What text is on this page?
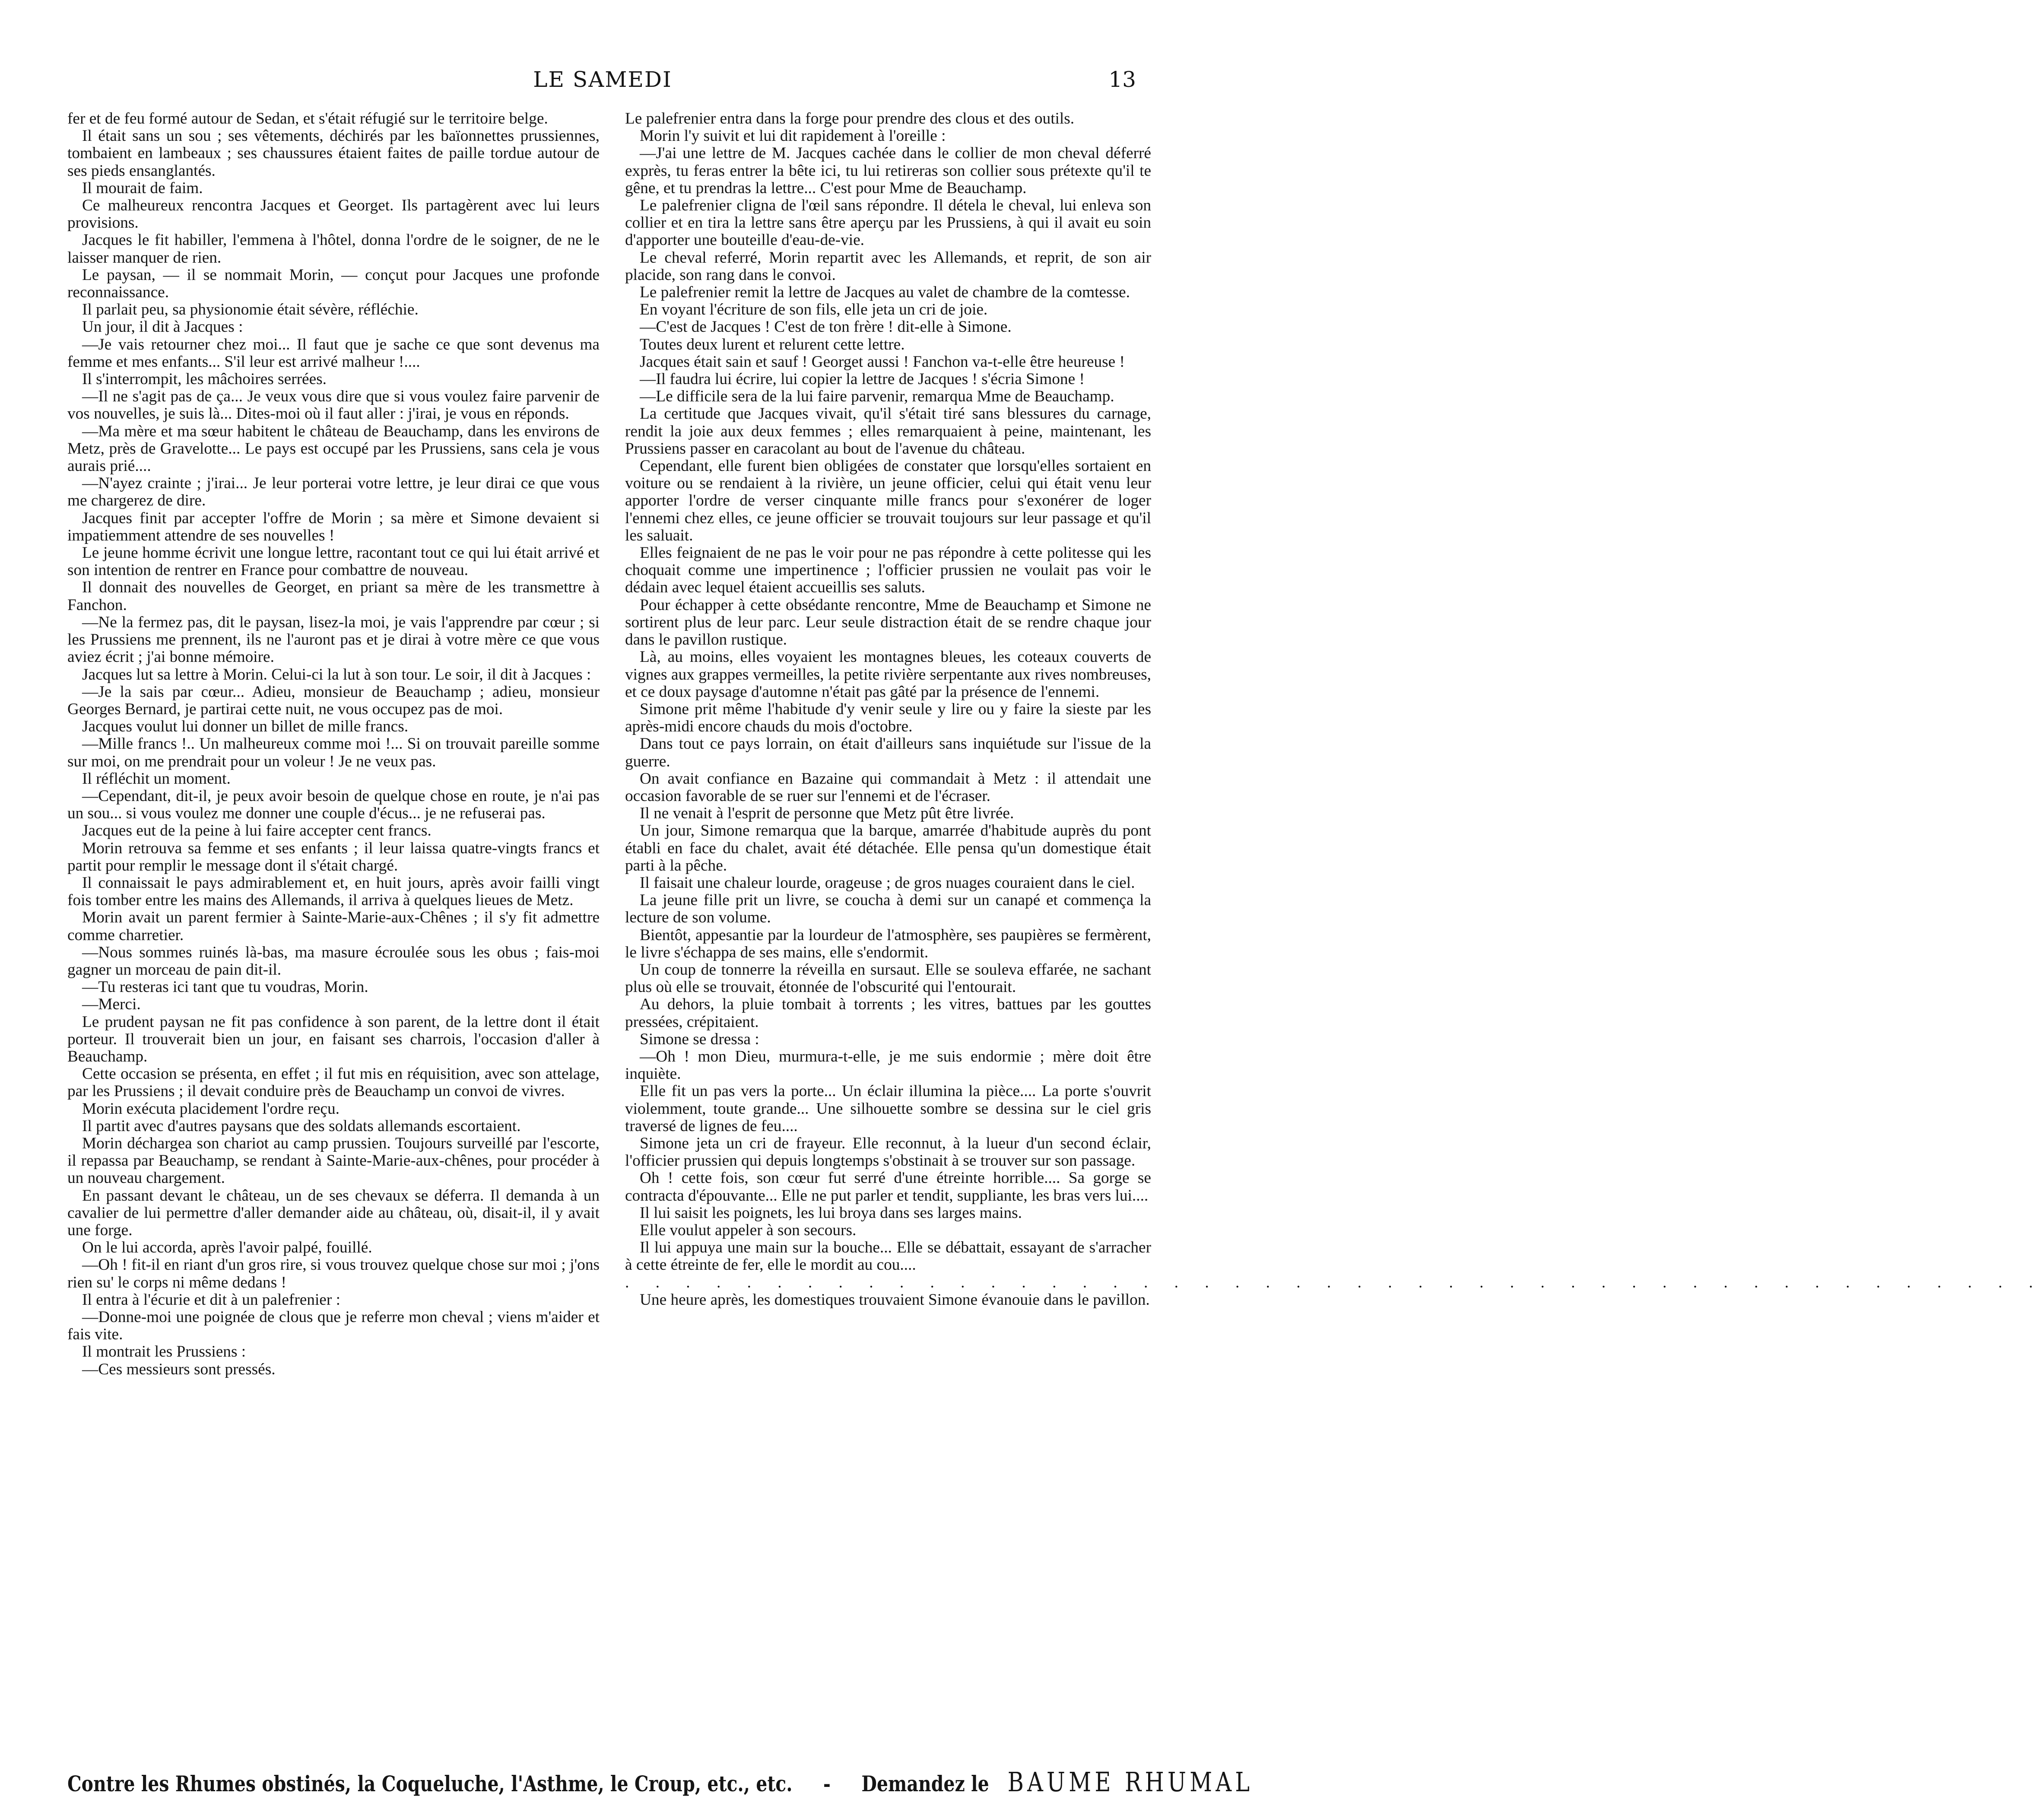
LE SAMEDI	13

fer et de feu formé autour de Sedan, et s'était réfugié sur le territoire belge.

Il était sans un sou ; ses vêtements, déchirés par les baïonnettes prussiennes, tombaient en lambeaux ; ses chaussures étaient faites de paille tordue autour de ses pieds ensanglantés.

Il mourait de faim.

Ce malheureux rencontra Jacques et Georget. Ils partagèrent avec lui leurs provisions.

Jacques le fit habiller, l'emmena à l'hôtel, donna l'ordre de le soigner, de ne le laisser manquer de rien.

Le paysan, — il se nommait Morin, — conçut pour Jacques une profonde reconnaissance.

Il parlait peu, sa physionomie était sévère, réfléchie.

Un jour, il dit à Jacques :

—Je vais retourner chez moi... Il faut que je sache ce que sont devenus ma femme et mes enfants... S'il leur est arrivé malheur !....

Il s'interrompit, les mâchoires serrées.

—Il ne s'agit pas de ça... Je veux vous dire que si vous voulez faire parvenir de vos nouvelles, je suis là... Dites-moi où il faut aller : j'irai, je vous en réponds.

—Ma mère et ma sœur habitent le château de Beauchamp, dans les environs de Metz, près de Gravelotte... Le pays est occupé par les Prussiens, sans cela je vous aurais prié....

—N'ayez crainte ; j'irai... Je leur porterai votre lettre, je leur dirai ce que vous me chargerez de dire.

Jacques finit par accepter l'offre de Morin ; sa mère et Simone devaient si impatiemment attendre de ses nouvelles !

Le jeune homme écrivit une longue lettre, racontant tout ce qui lui était arrivé et son intention de rentrer en France pour combattre de nouveau.

Il donnait des nouvelles de Georget, en priant sa mère de les transmettre à Fanchon.

—Ne la fermez pas, dit le paysan, lisez-la moi, je vais l'apprendre par cœur ; si les Prussiens me prennent, ils ne l'auront pas et je dirai à votre mère ce que vous aviez écrit ; j'ai bonne mémoire.

Jacques lut sa lettre à Morin. Celui-ci la lut à son tour. Le soir, il dit à Jacques :

—Je la sais par cœur... Adieu, monsieur de Beauchamp ; adieu, monsieur Georges Bernard, je partirai cette nuit, ne vous occupez pas de moi.

Jacques voulut lui donner un billet de mille francs.

—Mille francs !.. Un malheureux comme moi !... Si on trouvait pareille somme sur moi, on me prendrait pour un voleur ! Je ne veux pas.

Il réfléchit un moment.

—Cependant, dit-il, je peux avoir besoin de quelque chose en route, je n'ai pas un sou... si vous voulez me donner une couple d'écus... je ne refuserai pas.

Jacques eut de la peine à lui faire accepter cent francs.

Morin retrouva sa femme et ses enfants ; il leur laissa quatre-vingts francs et partit pour remplir le message dont il s'était chargé.

Il connaissait le pays admirablement et, en huit jours, après avoir failli vingt fois tomber entre les mains des Allemands, il arriva à quelques lieues de Metz.

Morin avait un parent fermier à Sainte-Marie-aux-Chênes ; il s'y fit admettre comme charretier.

—Nous sommes ruinés là-bas, ma masure écroulée sous les obus ; fais-moi gagner un morceau de pain dit-il.

—Tu resteras ici tant que tu voudras, Morin.

—Merci.

Le prudent paysan ne fit pas confidence à son parent, de la lettre dont il était porteur. Il trouverait bien un jour, en faisant ses charrois, l'occasion d'aller à Beauchamp.

Cette occasion se présenta, en effet ; il fut mis en réquisition, avec son attelage, par les Prussiens ; il devait conduire près de Beauchamp un convoi de vivres.

Morin exécuta placidement l'ordre reçu.

Il partit avec d'autres paysans que des soldats allemands escortaient.

Morin déchargea son chariot au camp prussien. Toujours surveillé par l'escorte, il repassa par Beauchamp, se rendant à Sainte-Marie-aux-chênes, pour procéder à un nouveau chargement.

En passant devant le château, un de ses chevaux se déferra. Il demanda à un cavalier de lui permettre d'aller demander aide au château, où, disait-il, il y avait une forge.

On le lui accorda, après l'avoir palpé, fouillé.

—Oh ! fit-il en riant d'un gros rire, si vous trouvez quelque chose sur moi ; j'ons rien su' le corps ni même dedans !

Il entra à l'écurie et dit à un palefrenier :

—Donne-moi une poignée de clous que je referre mon cheval ; viens m'aider et fais vite.

Il montrait les Prussiens :

—Ces messieurs sont pressés.

Le palefrenier entra dans la forge pour prendre des clous et des outils.

Morin l'y suivit et lui dit rapidement à l'oreille :

—J'ai une lettre de M. Jacques cachée dans le collier de mon cheval déferré exprès, tu feras entrer la bête ici, tu lui retireras son collier sous prétexte qu'il te gêne, et tu prendras la lettre... C'est pour Mme de Beauchamp.

Le palefrenier cligna de l'œil sans répondre. Il détela le cheval, lui enleva son collier et en tira la lettre sans être aperçu par les Prussiens, à qui il avait eu soin d'apporter une bouteille d'eau-de-vie.

Le cheval referré, Morin repartit avec les Allemands, et reprit, de son air placide, son rang dans le convoi.

Le palefrenier remit la lettre de Jacques au valet de chambre de la comtesse.

En voyant l'écriture de son fils, elle jeta un cri de joie.

—C'est de Jacques ! C'est de ton frère ! dit-elle à Simone.

Toutes deux lurent et relurent cette lettre.

Jacques était sain et sauf ! Georget aussi ! Fanchon va-t-elle être heureuse !

—Il faudra lui écrire, lui copier la lettre de Jacques ! s'écria Simone !

—Le difficile sera de la lui faire parvenir, remarqua Mme de Beauchamp.

La certitude que Jacques vivait, qu'il s'était tiré sans blessures du carnage, rendit la joie aux deux femmes ; elles remarquaient à peine, maintenant, les Prussiens passer en caracolant au bout de l'avenue du château.

Cependant, elle furent bien obligées de constater que lorsqu'elles sortaient en voiture ou se rendaient à la rivière, un jeune officier, celui qui était venu leur apporter l'ordre de verser cinquante mille francs pour s'exonérer de loger l'ennemi chez elles, ce jeune officier se trouvait toujours sur leur passage et qu'il les saluait.

Elles feignaient de ne pas le voir pour ne pas répondre à cette politesse qui les choquait comme une impertinence ; l'officier prussien ne voulait pas voir le dédain avec lequel étaient accueillis ses saluts.

Pour échapper à cette obsédante rencontre, Mme de Beauchamp et Simone ne sortirent plus de leur parc. Leur seule distraction était de se rendre chaque jour dans le pavillon rustique.

Là, au moins, elles voyaient les montagnes bleues, les coteaux couverts de vignes aux grappes vermeilles, la petite rivière serpentante aux rives nombreuses, et ce doux paysage d'automne n'était pas gâté par la présence de l'ennemi.

Simone prit même l'habitude d'y venir seule y lire ou y faire la sieste par les après-midi encore chauds du mois d'octobre.

Dans tout ce pays lorrain, on était d'ailleurs sans inquiétude sur l'issue de la guerre.

On avait confiance en Bazaine qui commandait à Metz : il attendait une occasion favorable de se ruer sur l'ennemi et de l'écraser.

Il ne venait à l'esprit de personne que Metz pût être livrée.

Un jour, Simone remarqua que la barque, amarrée d'habitude auprès du pont établi en face du chalet, avait été détachée. Elle pensa qu'un domestique était parti à la pêche.

Il faisait une chaleur lourde, orageuse ; de gros nuages couraient dans le ciel.

La jeune fille prit un livre, se coucha à demi sur un canapé et commença la lecture de son volume.

Bientôt, appesantie par la lourdeur de l'atmosphère, ses paupières se fermèrent, le livre s'échappa de ses mains, elle s'endormit.

Un coup de tonnerre la réveilla en sursaut. Elle se souleva effarée, ne sachant plus où elle se trouvait, étonnée de l'obscurité qui l'entourait.

Au dehors, la pluie tombait à torrents ; les vitres, battues par les gouttes pressées, crépitaient.

Simone se dressa :

—Oh ! mon Dieu, murmura-t-elle, je me suis endormie ; mère doit être inquiète.

Elle fit un pas vers la porte... Un éclair illumina la pièce.... La porte s'ouvrit violemment, toute grande... Une silhouette sombre se dessina sur le ciel gris traversé de lignes de feu....

Simone jeta un cri de frayeur. Elle reconnut, à la lueur d'un second éclair, l'officier prussien qui depuis longtemps s'obstinait à se trouver sur son passage.

Oh ! cette fois, son cœur fut serré d'une étreinte horrible.... Sa gorge se contracta d'épouvante... Elle ne put parler et tendit, suppliante, les bras vers lui....

Il lui saisit les poignets, les lui broya dans ses larges mains.

Elle voulut appeler à son secours.

Il lui appuya une main sur la bouche... Elle se débattait, essayant de s'arracher à cette étreinte de fer, elle le mordit au cou....

. . . . . . . . . . . . . . . . . . . . . . . . . . . . . . . . . . . . . . . . . . . . . . .

Une heure après, les domestiques trouvaient Simone évanouie dans le pavillon.

Contre les Rhumes obstinés, la Coqueluche, l'Asthme, le Croup, etc., etc. - Demandez le BAUME RHUMAL
